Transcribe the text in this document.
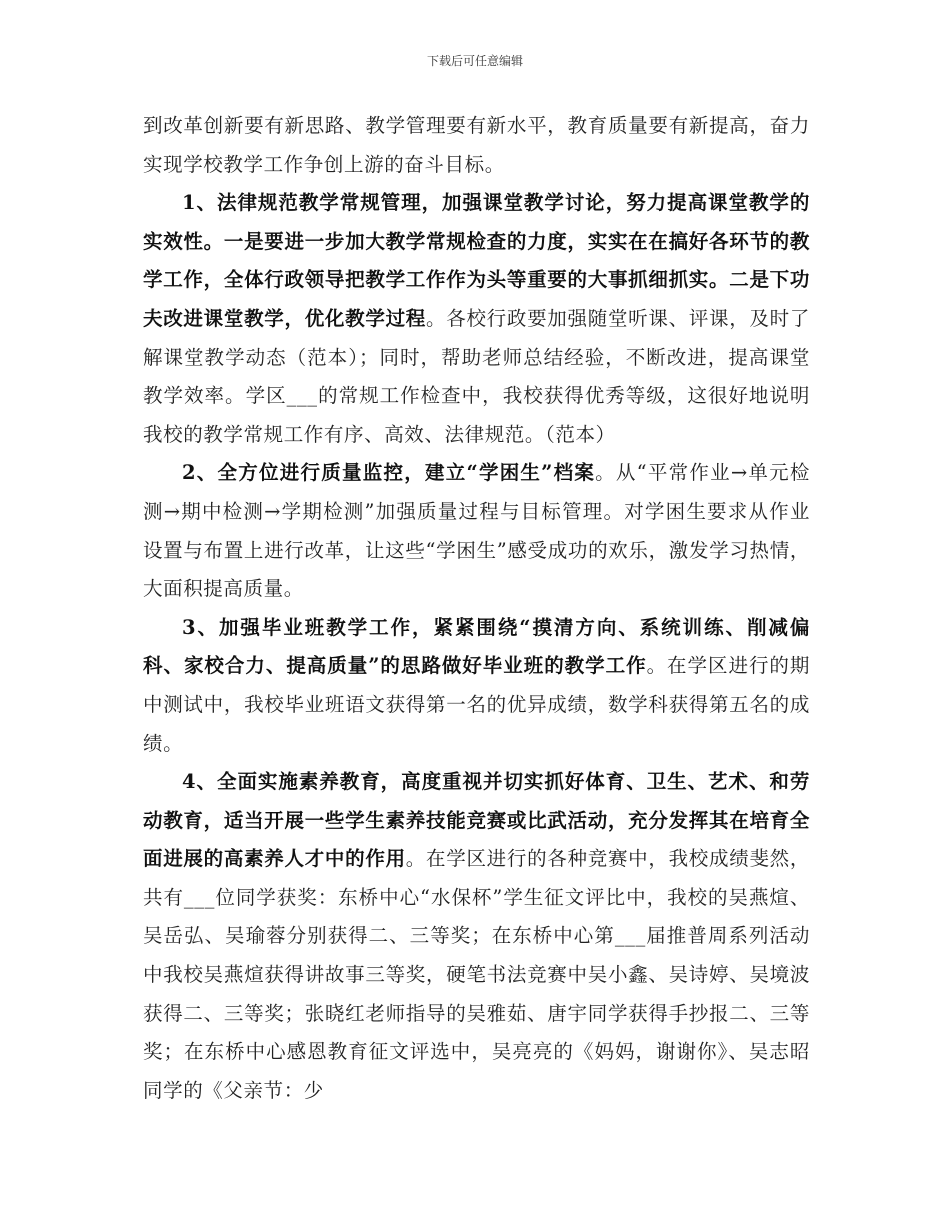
下载后可任意编辑

到改革创新要有新思路、教学管理要有新水平，教育质量要有新提高，奋力实现学校教学工作争创上游的奋斗目标。

1、法律规范教学常规管理，加强课堂教学讨论，努力提高课堂教学的实效性。一是要进一步加大教学常规检查的力度，实实在在搞好各环节的教学工作，全体行政领导把教学工作作为头等重要的大事抓细抓实。二是下功夫改进课堂教学，优化教学过程。各校行政要加强随堂听课、评课，及时了解课堂教学动态（范本）；同时，帮助老师总结经验，不断改进，提高课堂教学效率。学区___的常规工作检查中，我校获得优秀等级，这很好地说明我校的教学常规工作有序、高效、法律规范。（范本）

2、全方位进行质量监控，建立“学困生”档案。从“平常作业→单元检测→期中检测→学期检测”加强质量过程与目标管理。对学困生要求从作业设置与布置上进行改革，让这些“学困生”感受成功的欢乐，激发学习热情，大面积提高质量。

3、加强毕业班教学工作，紧紧围绕“摸清方向、系统训练、削减偏科、家校合力、提高质量”的思路做好毕业班的教学工作。在学区进行的期中测试中，我校毕业班语文获得第一名的优异成绩，数学科获得第五名的成绩。

4、全面实施素养教育，高度重视并切实抓好体育、卫生、艺术、和劳动教育，适当开展一些学生素养技能竞赛或比武活动，充分发挥其在培育全面进展的高素养人才中的作用。在学区进行的各种竞赛中，我校成绩斐然，共有___位同学获奖：东桥中心“水保杯”学生征文评比中，我校的吴燕煊、吴岳弘、吴瑜蓉分别获得二、三等奖；在东桥中心第___届推普周系列活动中我校吴燕煊获得讲故事三等奖，硬笔书法竞赛中吴小鑫、吴诗婷、吴境波获得二、三等奖；张晓红老师指导的吴雅茹、唐宇同学获得手抄报二、三等奖；在东桥中心感恩教育征文评选中，吴亮亮的《妈妈，谢谢你》、吴志昭同学的《父亲节：少
